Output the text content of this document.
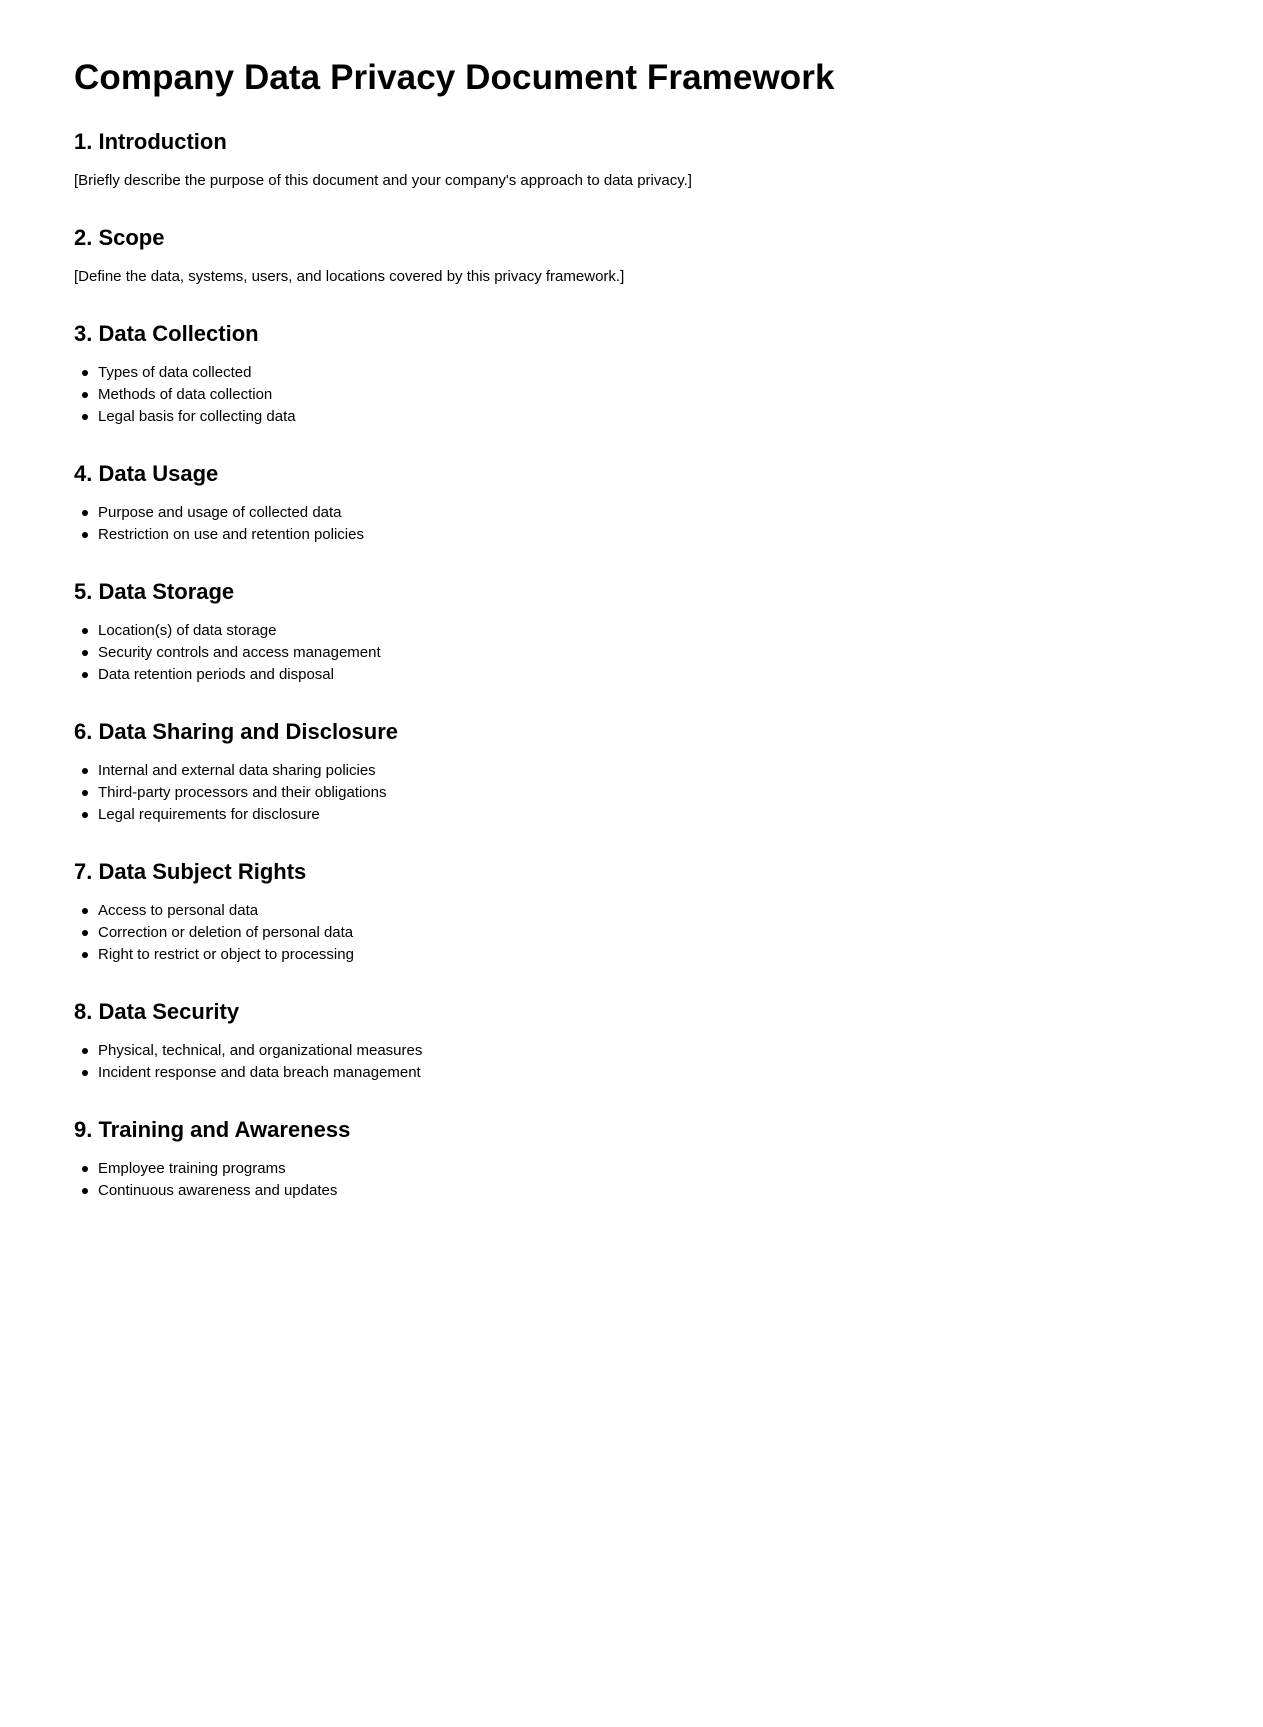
Company Data Privacy Document Framework
1. Introduction

[Briefly describe the purpose of this document and your company's approach to data privacy.]

2. Scope

[Define the data, systems, users, and locations covered by this privacy framework.]

3. Data Collection
Types of data collected
Methods of data collection
Legal basis for collecting data
4. Data Usage
Purpose and usage of collected data
Restriction on use and retention policies
5. Data Storage
Location(s) of data storage
Security controls and access management
Data retention periods and disposal
6. Data Sharing and Disclosure
Internal and external data sharing policies
Third-party processors and their obligations
Legal requirements for disclosure
7. Data Subject Rights
Access to personal data
Correction or deletion of personal data
Right to restrict or object to processing
8. Data Security
Physical, technical, and organizational measures
Incident response and data breach management
9. Training and Awareness
Employee training programs
Continuous awareness and updates
